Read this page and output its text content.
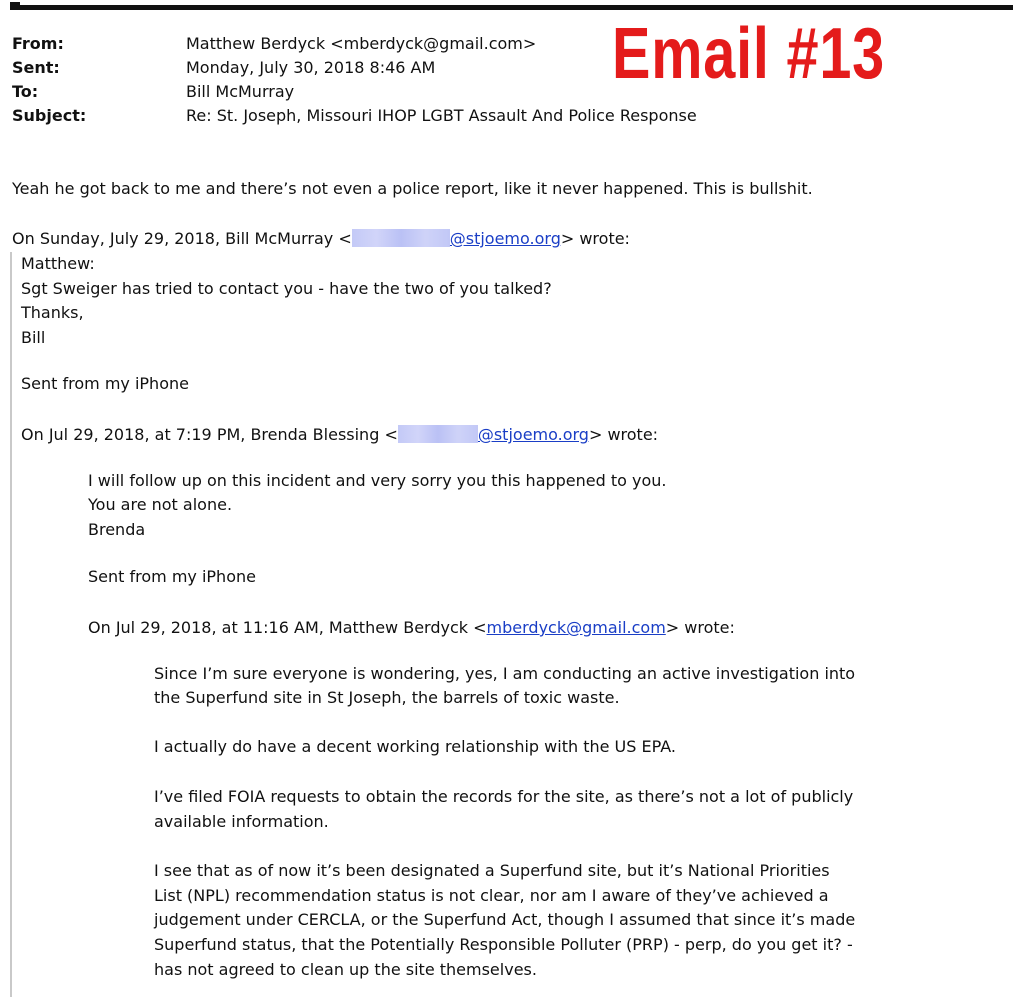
From:	Matthew Berdyck <mberdyck@gmail.com>
Sent:	Monday, July 30, 2018 8:46 AM
To:	Bill McMurray
Subject:	Re: St. Joseph, Missouri IHOP LGBT Assault And Police Response
Email #13
Yeah he got back to me and there’s not even a police report, like it never happened. This is bullshit.
On Sunday, July 29, 2018, Bill McMurray <	@stjoemo.org> wrote:
Matthew:
Sgt Sweiger has tried to contact you - have the two of you talked?
Thanks,
Bill
Sent from my iPhone
On Jul 29, 2018, at 7:19 PM, Brenda Blessing <	@stjoemo.org> wrote:
I will follow up on this incident and very sorry you this happened to you.
You are not alone.
Brenda
Sent from my iPhone
On Jul 29, 2018, at 11:16 AM, Matthew Berdyck <mberdyck@gmail.com> wrote:
Since I’m sure everyone is wondering, yes, I am conducting an active investigation into
the Superfund site in St Joseph, the barrels of toxic waste.
I actually do have a decent working relationship with the US EPA.
I’ve filed FOIA requests to obtain the records for the site, as there’s not a lot of publicly
available information.
I see that as of now it’s been designated a Superfund site, but it’s National Priorities
List (NPL) recommendation status is not clear, nor am I aware of they’ve achieved a
judgement under CERCLA, or the Superfund Act, though I assumed that since it’s made
Superfund status, that the Potentially Responsible Polluter (PRP) - perp, do you get it? -
has not agreed to clean up the site themselves.
